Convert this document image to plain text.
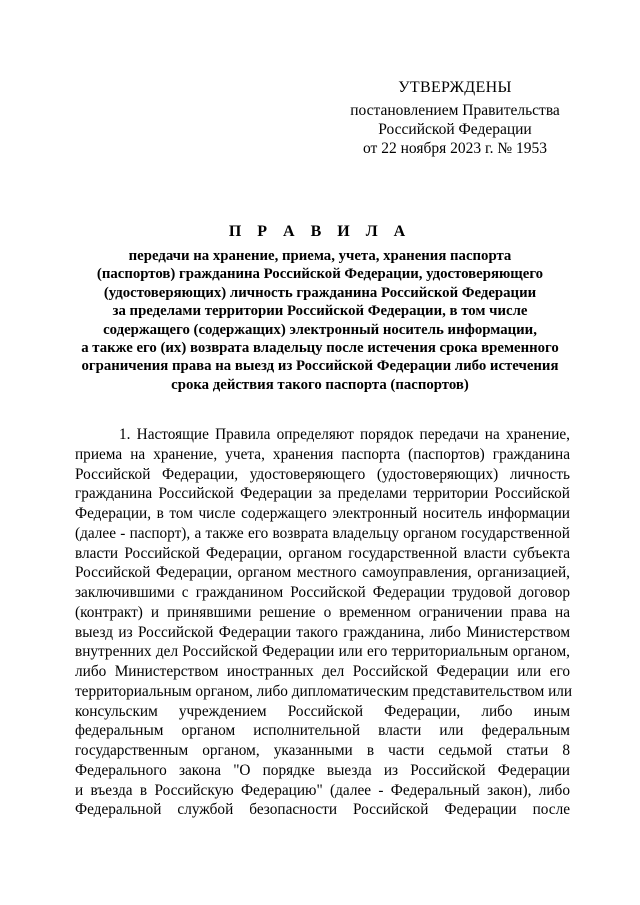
УТВЕРЖДЕНЫ
постановлением Правительства
Российской Федерации
от 22 ноября 2023 г. № 1953
П Р А В И Л А
передачи на хранение, приема, учета, хранения паспорта
(паспортов) гражданина Российской Федерации, удостоверяющего
(удостоверяющих) личность гражданина Российской Федерации
за пределами территории Российской Федерации, в том числе
содержащего (содержащих) электронный носитель информации,
а также его (их) возврата владельцу после истечения срока временного
ограничения права на выезд из Российской Федерации либо истечения
срока действия такого паспорта (паспортов)
1. Настоящие Правила определяют порядок передачи на хранение,
приема на хранение, учета, хранения паспорта (паспортов) гражданина
Российской Федерации, удостоверяющего (удостоверяющих) личность
гражданина Российской Федерации за пределами территории Российской
Федерации, в том числе содержащего электронный носитель информации
(далее - паспорт), а также его возврата владельцу органом государственной
власти Российской Федерации, органом государственной власти субъекта
Российской Федерации, органом местного самоуправления, организацией,
заключившими с гражданином Российской Федерации трудовой договор
(контракт) и принявшими решение о временном ограничении права на
выезд из Российской Федерации такого гражданина, либо Министерством
внутренних дел Российской Федерации или его территориальным органом,
либо Министерством иностранных дел Российской Федерации или его
территориальным органом, либо дипломатическим представительством или
консульским учреждением Российской Федерации, либо иным
федеральным органом исполнительной власти или федеральным
государственным органом, указанными в части седьмой статьи 8
Федерального закона "О порядке выезда из Российской Федерации
и въезда в Российскую Федерацию" (далее - Федеральный закон), либо
Федеральной службой безопасности Российской Федерации после
